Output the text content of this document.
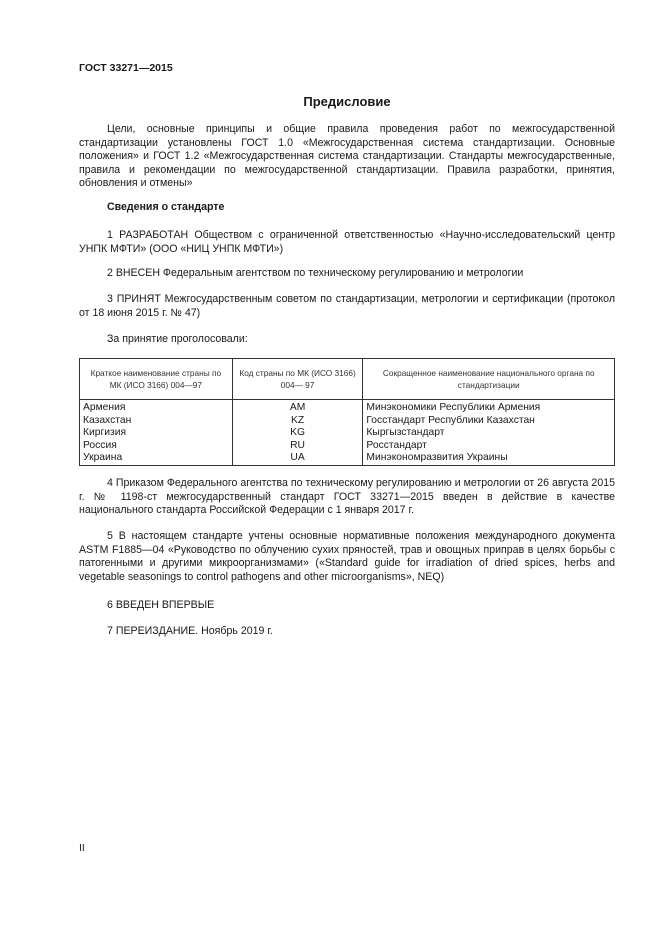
ГОСТ 33271—2015
Предисловие
Цели, основные принципы и общие правила проведения работ по межгосударственной стандартизации установлены ГОСТ 1.0 «Межгосударственная система стандартизации. Основные положения» и ГОСТ 1.2 «Межгосударственная система стандартизации. Стандарты межгосударственные, правила и рекомендации по межгосударственной стандартизации. Правила разработки, принятия, обновления и отмены»
Сведения о стандарте
1 РАЗРАБОТАН Обществом с ограниченной ответственностью «Научно-исследовательский центр УНПК МФТИ» (ООО «НИЦ УНПК МФТИ»)
2 ВНЕСЕН Федеральным агентством по техническому регулированию и метрологии
3 ПРИНЯТ Межгосударственным советом по стандартизации, метрологии и сертификации (протокол от 18 июня 2015 г. № 47)
За принятие проголосовали:
Краткое наименование страны по МК (ИСО 3166) 004—97	Код страны по МК (ИСО 3166) 004— 97	Сокращенное наименование национального органа по стандартизации
Армения	AM	Минэкономики Республики Армения
Казахстан	KZ	Госстандарт Республики Казахстан
Киргизия	KG	Кыргызстандарт
Россия	RU	Росстандарт
Украина	UA	Минэкономразвития Украины
4 Приказом Федерального агентства по техническому регулированию и метрологии от 26 августа 2015 г. № 1198-ст межгосударственный стандарт ГОСТ 33271—2015 введен в действие в качестве национального стандарта Российской Федерации с 1 января 2017 г.
5 В настоящем стандарте учтены основные нормативные положения международного документа ASTM F1885—04 «Руководство по облучению сухих пряностей, трав и овощных приправ в целях борьбы с патогенными и другими микроорганизмами» («Standard guide for irradiation of dried spices, herbs and vegetable seasonings to control pathogens and other microorganisms», NEQ)
6 ВВЕДЕН ВПЕРВЫЕ
7 ПЕРЕИЗДАНИЕ. Ноябрь 2019 г.
II
